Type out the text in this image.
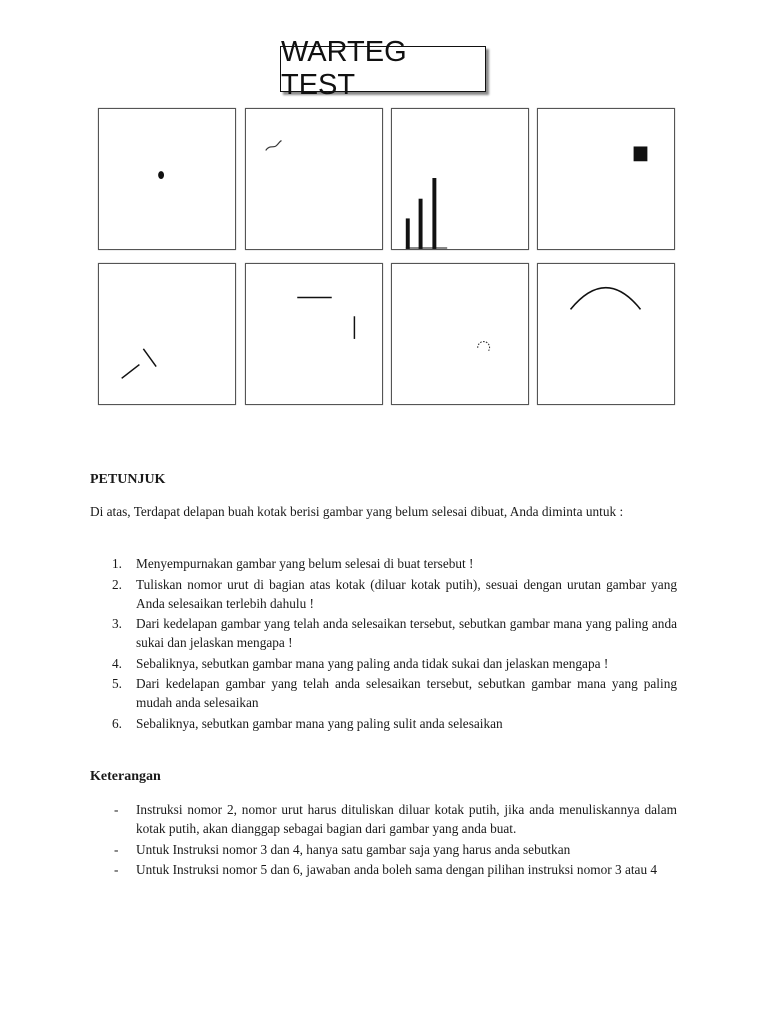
WARTEG TEST
PETUNJUK
Di atas, Terdapat delapan buah kotak berisi gambar yang belum selesai dibuat, Anda diminta untuk :
1.	Menyempurnakan gambar yang belum selesai di buat tersebut !
2.	Tuliskan nomor urut di bagian atas kotak (diluar kotak putih), sesuai dengan urutan gambar yang Anda selesaikan terlebih dahulu !
3.	Dari kedelapan gambar yang telah anda selesaikan tersebut, sebutkan gambar mana yang paling anda sukai dan jelaskan mengapa !
4.	Sebaliknya, sebutkan gambar mana yang paling anda tidak sukai dan jelaskan mengapa !
5.	Dari kedelapan gambar yang telah anda selesaikan tersebut, sebutkan gambar mana yang paling mudah anda selesaikan
6.	Sebaliknya, sebutkan gambar mana yang paling sulit anda selesaikan
Keterangan
-	Instruksi nomor 2, nomor urut harus dituliskan diluar kotak putih, jika anda menuliskannya dalam kotak putih, akan dianggap sebagai bagian dari gambar yang anda buat.
-	Untuk Instruksi nomor 3 dan 4, hanya satu gambar saja yang harus anda sebutkan
-	Untuk Instruksi nomor 5 dan 6, jawaban anda boleh sama dengan pilihan instruksi nomor 3 atau 4
